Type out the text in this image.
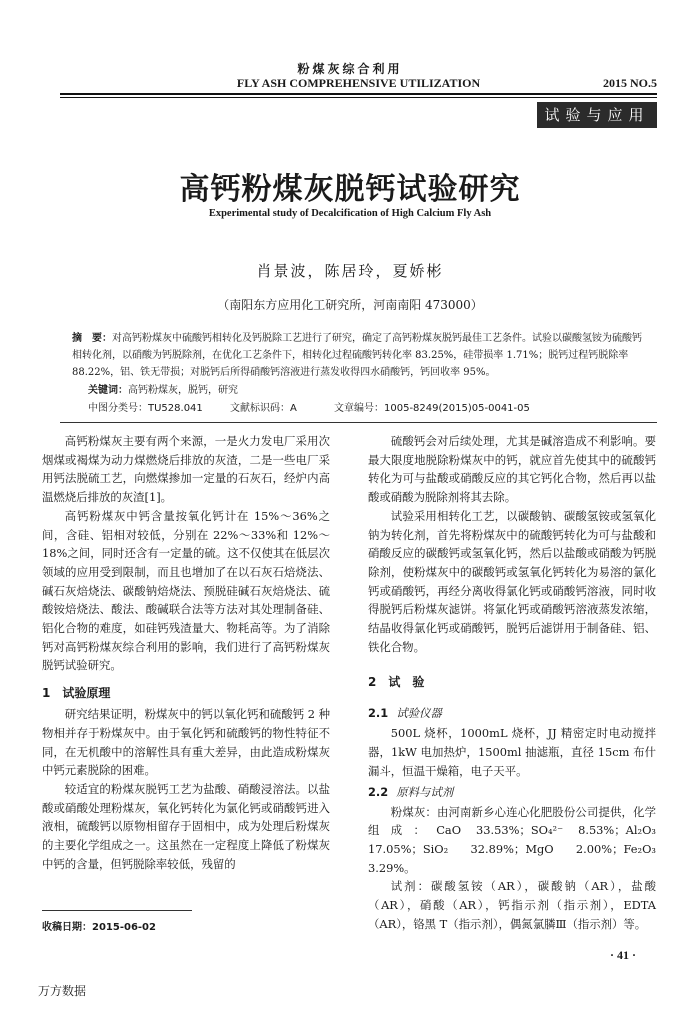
粉煤灰综合利用
FLY ASH COMPREHENSIVE UTILIZATION	2015 NO.5
试验与应用
高钙粉煤灰脱钙试验研究
Experimental study of Decalcification of High Calcium Fly Ash
肖景波，陈居玲，夏娇彬
（南阳东方应用化工研究所，河南南阳 473000）
摘　要：对高钙粉煤灰中硫酸钙相转化及钙脱除工艺进行了研究，确定了高钙粉煤灰脱钙最佳工艺条件。试验以碳酸氢铵为硫酸钙相转化剂，以硝酸为钙脱除剂，在优化工艺条件下，相转化过程硫酸钙转化率 83.25%，硅带损率 1.71%；脱钙过程钙脱除率 88.22%，铝、铁无带损；对脱钙后所得硝酸钙溶液进行蒸发收得四水硝酸钙，钙回收率 95%。
关键词：高钙粉煤灰，脱钙，研究
中图分类号：TU528.041	文献标识码：A	文章编号：1005-8249(2015)05-0041-05

高钙粉煤灰主要有两个来源，一是火力发电厂采用次烟煤或褐煤为动力煤燃烧后排放的灰渣，二是一些电厂采用钙法脱硫工艺，向燃煤掺加一定量的石灰石，经炉内高温燃烧后排放的灰渣[1]。

高钙粉煤灰中钙含量按氧化钙计在 15%～36%之间，含硅、铝相对较低，分别在 22%～33%和 12%～18%之间，同时还含有一定量的硫。这不仅使其在低层次领域的应用受到限制，而且也增加了在以石灰石焙烧法、碱石灰焙烧法、碳酸钠焙烧法、预脱硅碱石灰焙烧法、硫酸铵焙烧法、酸法、酸碱联合法等方法对其处理制备硅、铝化合物的难度，如硅钙残渣量大、物耗高等。为了消除钙对高钙粉煤灰综合利用的影响，我们进行了高钙粉煤灰脱钙试验研究。

1　试验原理

研究结果证明，粉煤灰中的钙以氧化钙和硫酸钙 2 种物相并存于粉煤灰中。由于氧化钙和硫酸钙的物性特征不同，在无机酸中的溶解性具有重大差异，由此造成粉煤灰中钙元素脱除的困难。

较适宜的粉煤灰脱钙工艺为盐酸、硝酸浸溶法。以盐酸或硝酸处理粉煤灰，氧化钙转化为氯化钙或硝酸钙进入液相，硫酸钙以原物相留存于固相中，成为处理后粉煤灰的主要化学组成之一。这虽然在一定程度上降低了粉煤灰中钙的含量，但钙脱除率较低，残留的

硫酸钙会对后续处理，尤其是碱溶造成不利影响。要最大限度地脱除粉煤灰中的钙，就应首先使其中的硫酸钙转化为可与盐酸或硝酸反应的其它钙化合物，然后再以盐酸或硝酸为脱除剂将其去除。

试验采用相转化工艺，以碳酸钠、碳酸氢铵或氢氧化钠为转化剂，首先将粉煤灰中的硫酸钙转化为可与盐酸和硝酸反应的碳酸钙或氢氧化钙，然后以盐酸或硝酸为钙脱除剂，使粉煤灰中的碳酸钙或氢氧化钙转化为易溶的氯化钙或硝酸钙，再经分离收得氯化钙或硝酸钙溶液，同时收得脱钙后粉煤灰滤饼。将氯化钙或硝酸钙溶液蒸发浓缩，结晶收得氯化钙或硝酸钙，脱钙后滤饼用于制备硅、铝、铁化合物。

2　试　验
2.1 试验仪器

500L 烧杯，1000mL 烧杯，JJ 精密定时电动搅拌器，1kW 电加热炉，1500ml 抽滤瓶，直径 15cm 布什漏斗，恒温干燥箱，电子天平。

2.2 原料与试剂

粉煤灰：由河南新乡心连心化肥股份公司提供，化学组成：CaO 33.53%；SO₄²⁻ 8.53%；Al₂O₃ 17.05%；SiO₂ 32.89%；MgO 2.00%；Fe₂O₃ 3.29%。

试剂：碳酸氢铵（AR），碳酸钠（AR），盐酸（AR），硝酸（AR），钙指示剂（指示剂），EDTA（AR），铬黑 T（指示剂），偶氮氯膦Ⅲ（指示剂）等。

收稿日期：2015-06-02
· 41 ·
万方数据
